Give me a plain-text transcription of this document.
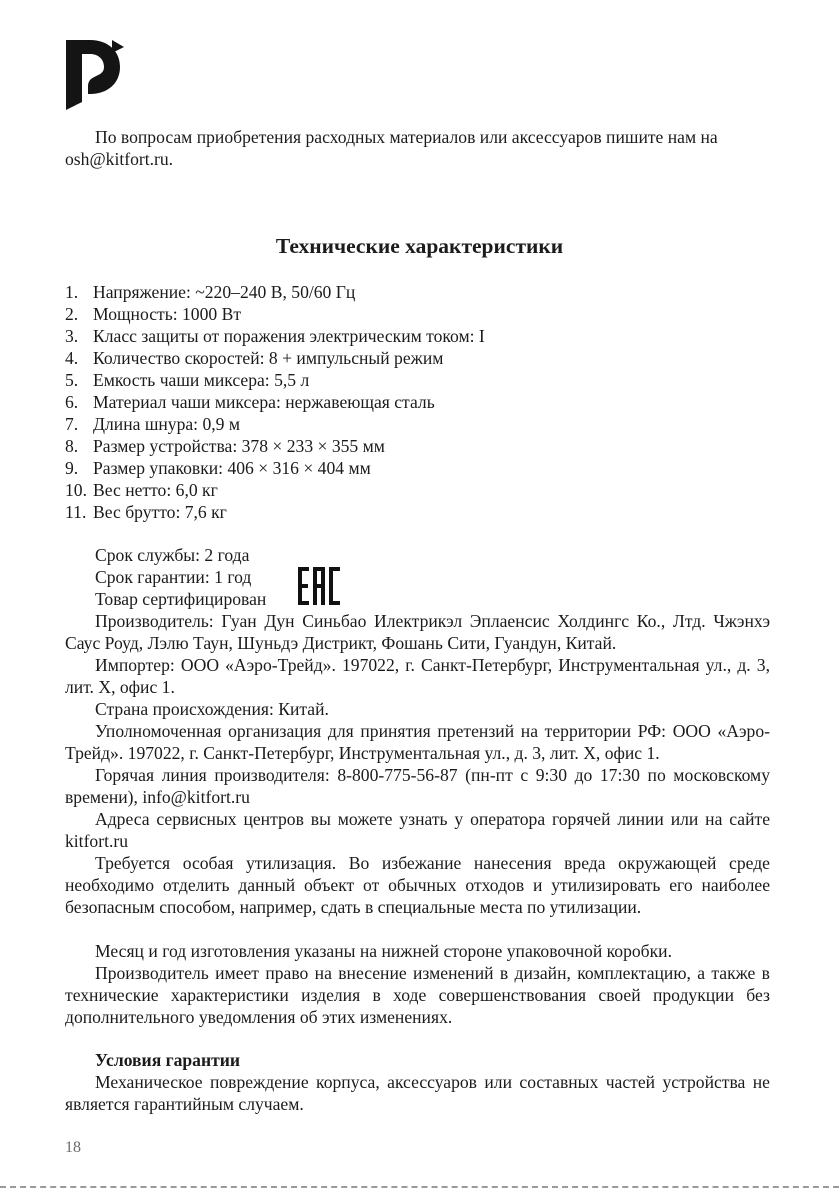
По вопросам приобретения расходных материалов или аксессуаров пишите нам на osh@kitfort.ru.

Технические характеристики
1. Напряжение: ~220–240 В, 50/60 Гц
2. Мощность: 1000 Вт
3. Класс защиты от поражения электрическим током: I
4. Количество скоростей: 8 + импульсный режим
5. Емкость чаши миксера: 5,5 л
6. Материал чаши миксера: нержавеющая сталь
7. Длина шнура: 0,9 м
8. Размер устройства: 378 × 233 × 355 мм
9. Размер упаковки: 406 × 316 × 404 мм
10. Вес нетто: 6,0 кг
11. Вес брутто: 7,6 кг

Срок службы: 2 года

Срок гарантии: 1 год

Товар сертифицирован

Производитель: Гуан Дун Синьбао Илектрикэл Эплаенсис Холдингс Ко., Лтд. Чжэнхэ Саус Роуд, Лэлю Таун, Шуньдэ Дистрикт, Фошань Сити, Гуандун, Китай.

Импортер: ООО «Аэро-Трейд». 197022, г. Санкт-Петербург, Инструментальная ул., д. 3, лит. Х, офис 1.

Страна происхождения: Китай.

Уполномоченная организация для принятия претензий на территории РФ: ООО «Аэро-Трейд». 197022, г. Санкт-Петербург, Инструментальная ул., д. 3, лит. Х, офис 1.

Горячая линия производителя: 8-800-775-56-87 (пн-пт с 9:30 до 17:30 по московскому времени), info@kitfort.ru

Адреса сервисных центров вы можете узнать у оператора горячей линии или на сайте kitfort.ru

Требуется особая утилизация. Во избежание нанесения вреда окружающей среде необходимо отделить данный объект от обычных отходов и утилизировать его наиболее безопасным способом, например, сдать в специальные места по утилизации.

Месяц и год изготовления указаны на нижней стороне упаковочной коробки.

Производитель имеет право на внесение изменений в дизайн, комплектацию, а также в технические характеристики изделия в ходе совершенствования своей продукции без дополнительного уведомления об этих изменениях.

Условия гарантии

Механическое повреждение корпуса, аксессуаров или составных частей устройства не является гарантийным случаем.

18
